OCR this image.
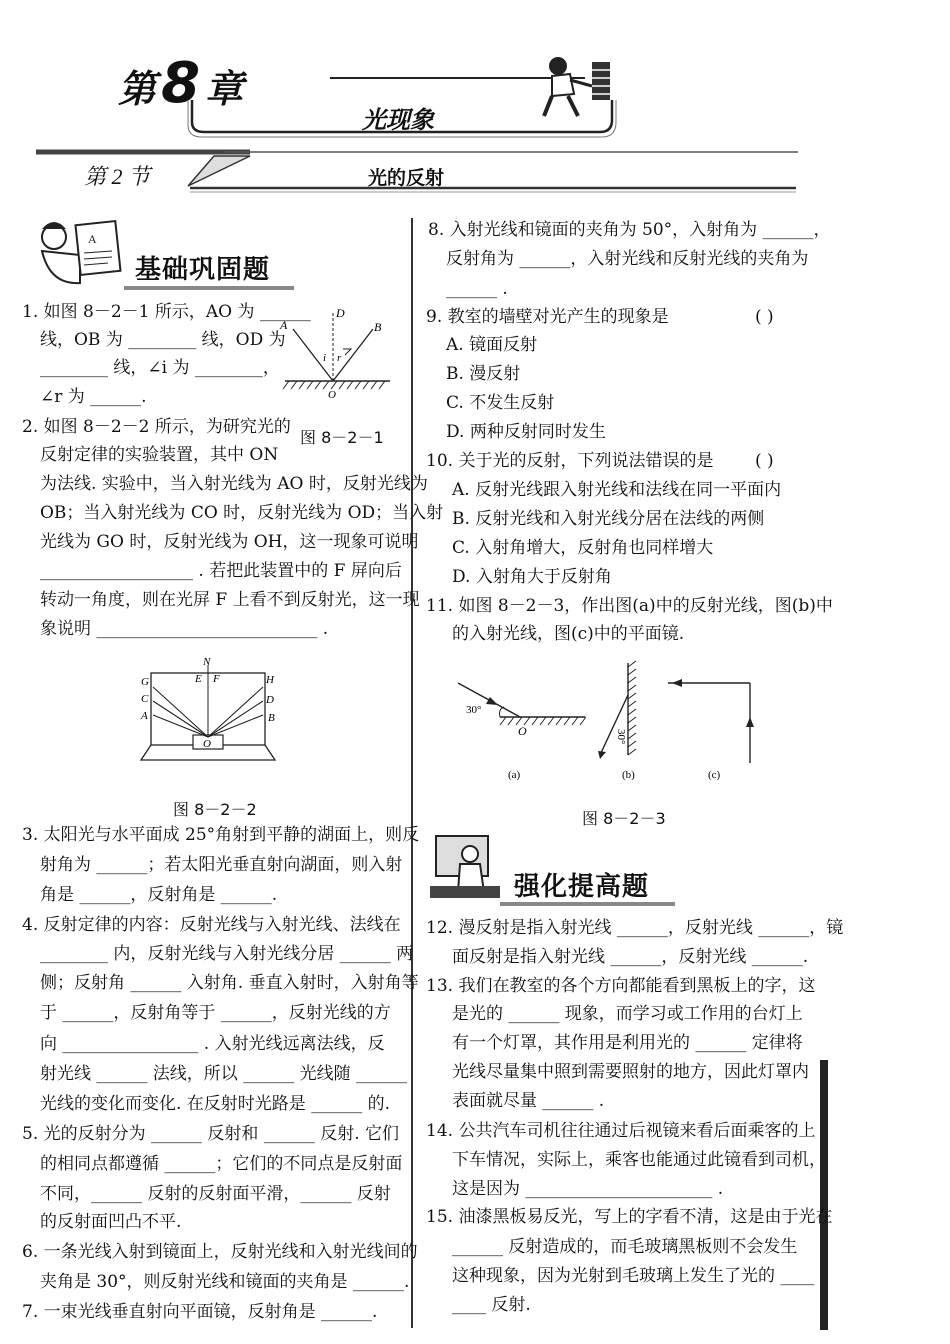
第 8 章
光现象
第 2 节	光的反射
A
基础巩固题
1. 如图 8－2－1 所示，AO 为 ______
线，OB 为 ________ 线，OD 为
________ 线，∠i 为 ________，
∠r 为 ______.
A
D
B
i r
O
图 8－2－1
2. 如图 8－2－2 所示，为研究光的
反射定律的实验装置，其中 ON
为法线. 实验中，当入射光线为 AO 时，反射光线为
OB；当入射光线为 CO 时，反射光线为 OD；当入射
光线为 GO 时，反射光线为 OH，这一现象可说明
__________________ . 若把此装置中的 F 屏向后
转动一角度，则在光屏 F 上看不到反射光，这一现
象说明 __________________________ .
N
E F
G
C
A
H
D
B
O
图 8－2－2
3. 太阳光与水平面成 25°角射到平静的湖面上，则反
射角为 ______；若太阳光垂直射向湖面，则入射
角是 ______，反射角是 ______.
4. 反射定律的内容：反射光线与入射光线、法线在
________ 内，反射光线与入射光线分居 ______ 两
侧；反射角 ______ 入射角. 垂直入射时，入射角等
于 ______，反射角等于 ______，反射光线的方
向 ________________ . 入射光线远离法线，反
射光线 ______ 法线，所以 ______ 光线随 ______
光线的变化而变化. 在反射时光路是 ______ 的.
5. 光的反射分为 ______ 反射和 ______ 反射. 它们
的相同点都遵循 ______；它们的不同点是反射面
不同，______ 反射的反射面平滑，______ 反射
的反射面凹凸不平.
6. 一条光线入射到镜面上，反射光线和入射光线间的
夹角是 30°，则反射光线和镜面的夹角是 ______.
7. 一束光线垂直射向平面镜，反射角是 ______.
8. 入射光线和镜面的夹角为 50°，入射角为 ______，
反射角为 ______，入射光线和反射光线的夹角为
______ .
9. 教室的墙壁对光产生的现象是	( )
A. 镜面反射
B. 漫反射
C. 不发生反射
D. 两种反射同时发生
10. 关于光的反射，下列说法错误的是 ( )
A. 反射光线跟入射光线和法线在同一平面内
B. 反射光线和入射光线分居在法线的两侧
C. 入射角增大，反射角也同样增大
D. 入射角大于反射角
11. 如图 8－2－3，作出图(a)中的反射光线，图(b)中
的入射光线，图(c)中的平面镜.
30°
O
(a)
30°
(b)	(c)
图 8－2－3
强化提高题
12. 漫反射是指入射光线 ______，反射光线 ______，镜
面反射是指入射光线 ______，反射光线 ______.
13. 我们在教室的各个方向都能看到黑板上的字，这
是光的 ______ 现象，而学习或工作用的台灯上
有一个灯罩，其作用是利用光的 ______ 定律将
光线尽量集中照到需要照射的地方，因此灯罩内
表面就尽量 ______ .
14. 公共汽车司机往往通过后视镜来看后面乘客的上
下车情况，实际上，乘客也能通过此镜看到司机，
这是因为 ______________________ .
15. 油漆黑板易反光，写上的字看不清，这是由于光在
______ 反射造成的，而毛玻璃黑板则不会发生
这种现象，因为光射到毛玻璃上发生了光的 ____
____ 反射.
